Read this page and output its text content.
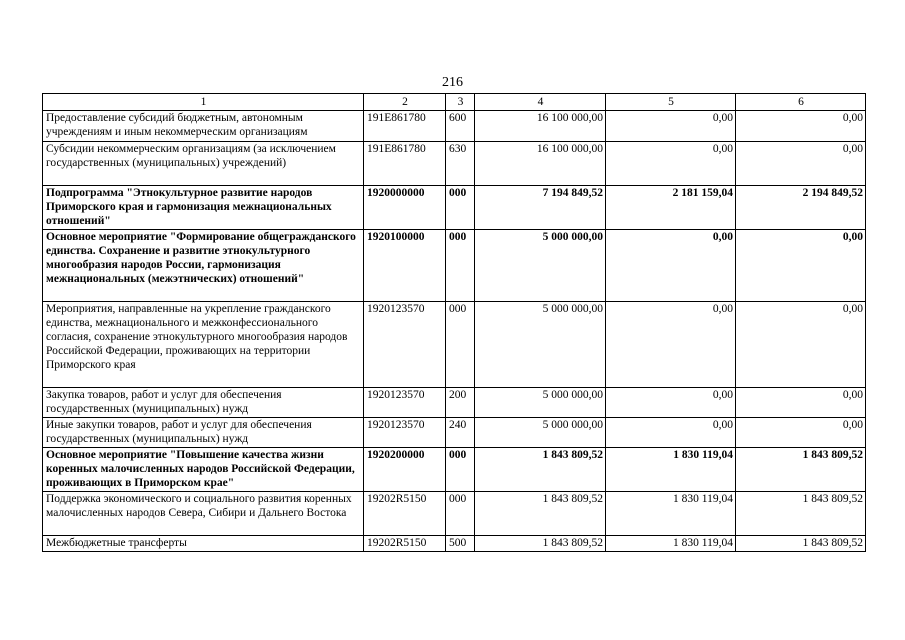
216
1	2	3	4	5	6
Предоставление субсидий бюджетным, автономным учреждениям и иным некоммерческим организациям	191E861780	600	16 100 000,00	0,00	0,00
Субсидии некоммерческим организациям (за исключением государственных (муниципальных) учреждений)	191E861780	630	16 100 000,00	0,00	0,00
Подпрограмма "Этнокультурное развитие народов Приморского края и гармонизация межнациональных отношений"	1920000000	000	7 194 849,52	2 181 159,04	2 194 849,52
Основное мероприятие "Формирование общегражданского единства. Сохранение и развитие этнокультурного многообразия народов России, гармонизация межнациональных (межэтнических) отношений"	1920100000	000	5 000 000,00	0,00	0,00
Мероприятия, направленные на укрепление гражданского единства, межнационального и межконфессионального согласия, сохранение этнокультурного многообразия народов Российской Федерации, проживающих на территории Приморского края	1920123570	000	5 000 000,00	0,00	0,00
Закупка товаров, работ и услуг для обеспечения государственных (муниципальных) нужд	1920123570	200	5 000 000,00	0,00	0,00
Иные закупки товаров, работ и услуг для обеспечения государственных (муниципальных) нужд	1920123570	240	5 000 000,00	0,00	0,00
Основное мероприятие "Повышение качества жизни коренных малочисленных народов Российской Федерации, проживающих в Приморском крае"	1920200000	000	1 843 809,52	1 830 119,04	1 843 809,52
Поддержка экономического и социального развития коренных малочисленных народов Севера, Сибири и Дальнего Востока	19202R5150	000	1 843 809,52	1 830 119,04	1 843 809,52
Межбюджетные трансферты	19202R5150	500	1 843 809,52	1 830 119,04	1 843 809,52
